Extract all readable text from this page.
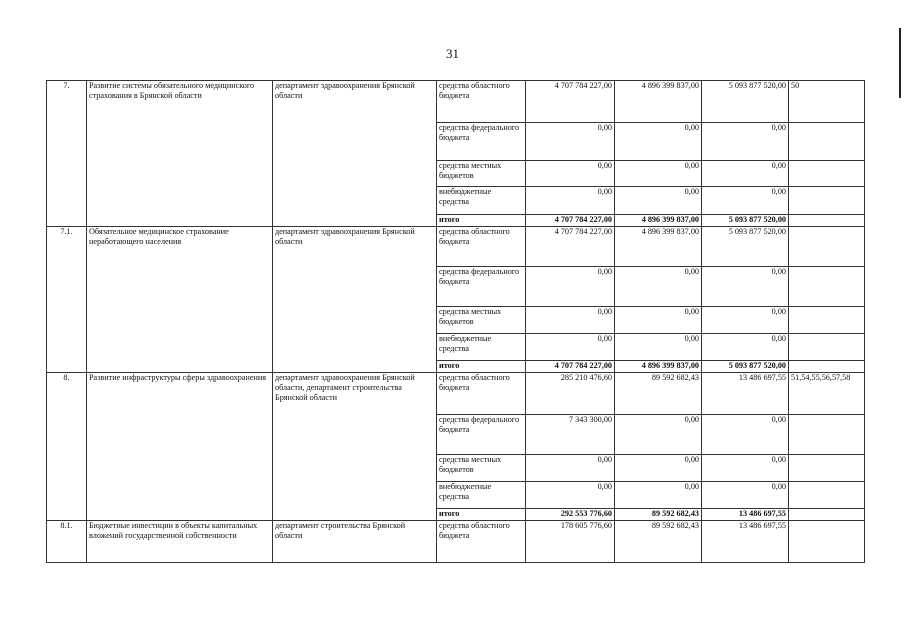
31
7.	Развитие системы обязательного медицинского страхования в Брянской области	департамент здравоохранения Брянской области	средства областного бюджета	4 707 784 227,00	4 896 399 837,00	5 093 877 520,00	50
			средства федерального бюджета	0,00	0,00	0,00	
			средства местных бюджетов	0,00	0,00	0,00	
			внебюджетные средства	0,00	0,00	0,00	
			итого	4 707 784 227,00	4 896 399 837,00	5 093 877 520,00	
7.1.	Обязательное медицинское страхование неработающего населения	департамент здравоохранения Брянской области	средства областного бюджета	4 707 784 227,00	4 896 399 837,00	5 093 877 520,00	
			средства федерального бюджета	0,00	0,00	0,00	
			средства местных бюджетов	0,00	0,00	0,00	
			внебюджетные средства	0,00	0,00	0,00	
			итого	4 707 784 227,00	4 896 399 837,00	5 093 877 520,00	
8.	Развитие инфраструктуры сферы здравоохранения	департамент здравоохранения Брянской области, департамент строительства Брянской области	средства областного бюджета	285 210 476,60	89 592 682,43	13 486 697,55	51,54,55,56,57,58
			средства федерального бюджета	7 343 300,00	0,00	0,00	
			средства местных бюджетов	0,00	0,00	0,00	
			внебюджетные средства	0,00	0,00	0,00	
			итого	292 553 776,60	89 592 682,43	13 486 697,55	
8.1.	Бюджетные инвестиции в объекты капитальных вложений государственной собственности	департамент строительства Брянской области	средства областного бюджета	178 605 776,60	89 592 682,43	13 486 697,55	
